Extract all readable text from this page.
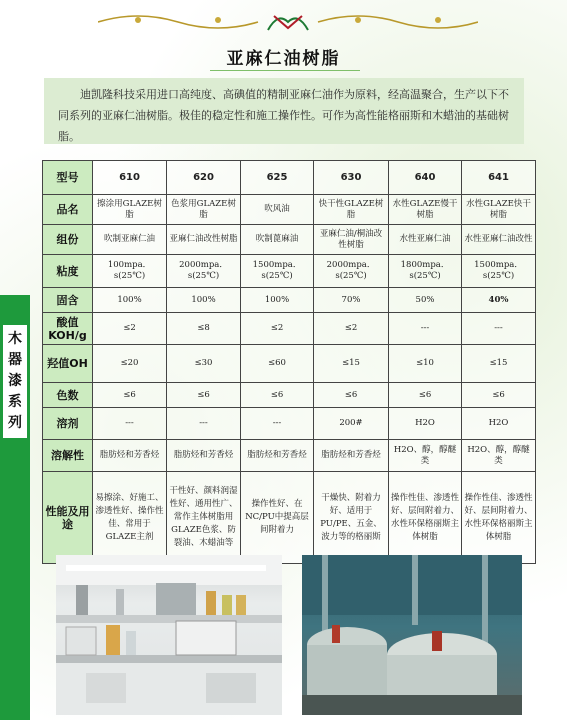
亚麻仁油树脂
迪凯隆科技采用进口高纯度、高碘值的精制亚麻仁油作为原料，经高温聚合，生产以下不同系列的亚麻仁油树脂。极佳的稳定性和施工操作性。可作为高性能格丽斯和木蜡油的基础树脂。
木
器
漆
系
列
型号	610	620	625	630	640	641
品名	擦涂用GLAZE树脂	色浆用GLAZE树脂	吹风油	快干性GLAZE树脂	水性GLAZE慢干树脂	水性GLAZE快干树脂
组份	吹制亚麻仁油	亚麻仁油改性树脂	吹制蓖麻油	亚麻仁油/桐油改性树脂	水性亚麻仁油	水性亚麻仁油改性
粘度	100mpa．s(25℃)	2000mpa．s(25℃)	1500mpa．s(25℃)	2000mpa．s(25℃)	1800mpa．s(25℃)	1500mpa．s(25℃)
固含	100%	100%	100%	70%	50%	40%
酸值KOH/g	≤2	≤8	≤2	≤2	---	---
羟值OH	≤20	≤30	≤60	≤15	≤10	≤15
色数	≤6	≤6	≤6	≤6	≤6	≤6
溶剂	---	---	---	200#	H2O	H2O
溶解性	脂肪烃和芳香烃	脂肪烃和芳香烃	脂肪烃和芳香烃	脂肪烃和芳香烃	H2O、醇，醇醚类	H2O、醇，醇醚类
性能及用途	易擦涂、好施工、渗透性好、操作性佳、常用于GLAZE主剂	干性好、颜料润湿性好、通用性广、常作主体树脂用GLAZE色浆、防裂油、木蜡油等	操作性好、在NC/PU中提高层间附着力	干燥快、附着力好、适用于PU/PE、五金、波力等的格丽斯	操作性佳、渗透性好、层间附着力、水性环保格丽斯主体树脂	操作性佳、渗透性好、层间附着力、水性环保格丽斯主体树脂
